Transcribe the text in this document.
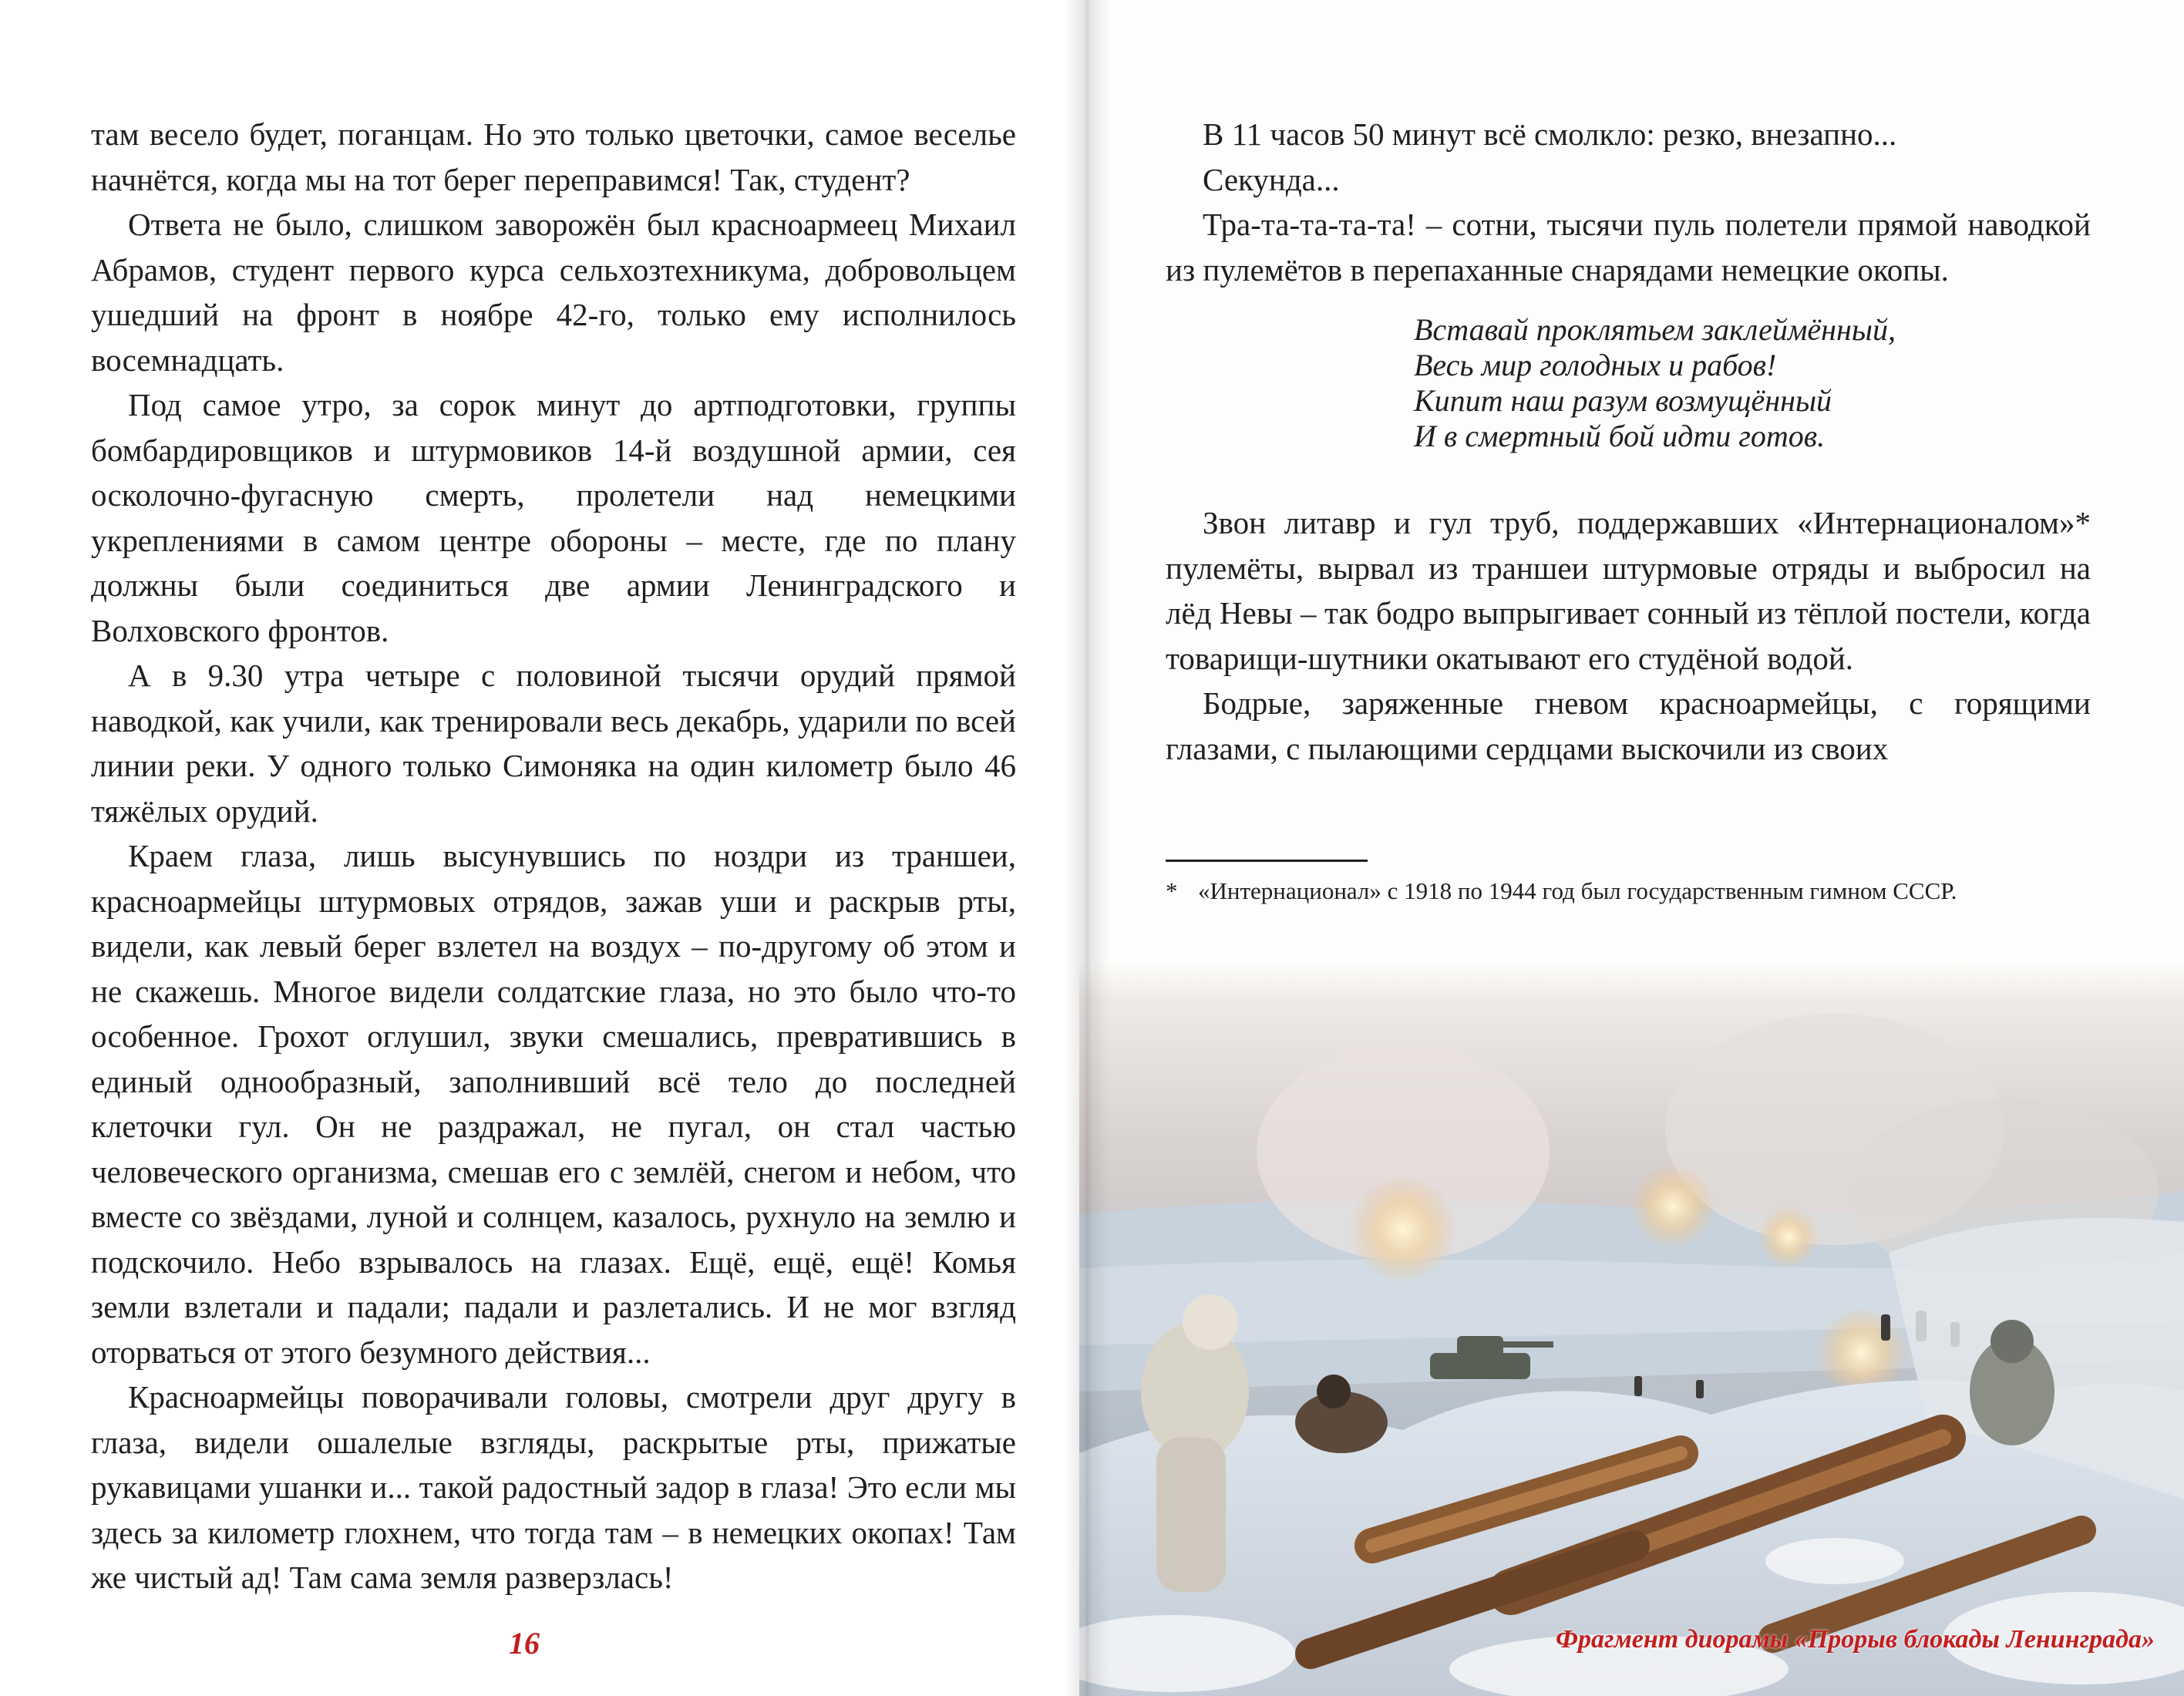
там весело будет, поганцам. Но это только цветочки, самое веселье начнётся, когда мы на тот берег переправимся! Так, студент?

Ответа не было, слишком заворожён был красноармеец Михаил Абрамов, студент первого курса сельхозтехникума, добровольцем ушедший на фронт в ноябре 42-го, только ему исполнилось восемнадцать.

Под самое утро, за сорок минут до артподготовки, группы бомбардировщиков и штурмовиков 14-й воздушной армии, сея осколочно-фугасную смерть, пролетели над немецкими укреплениями в самом центре обороны – месте, где по плану должны были соединиться две армии Ленинградского и Волховского фронтов.

А в 9.30 утра четыре с половиной тысячи орудий прямой наводкой, как учили, как тренировали весь декабрь, ударили по всей линии реки. У одного только Симоняка на один километр было 46 тяжёлых орудий.

Краем глаза, лишь высунувшись по ноздри из траншеи, красноармейцы штурмовых отрядов, зажав уши и раскрыв рты, видели, как левый берег взлетел на воздух – по-другому об этом и не скажешь. Многое видели солдатские глаза, но это было что-то особенное. Грохот оглушил, звуки смешались, превратившись в единый однообразный, заполнивший всё тело до последней клеточки гул. Он не раздражал, не пугал, он стал частью человеческого организма, смешав его с землёй, снегом и небом, что вместе со звёздами, луной и солнцем, казалось, рухнуло на землю и подскочило. Небо взрывалось на глазах. Ещё, ещё, ещё! Комья земли взлетали и падали; падали и разлетались. И не мог взгляд оторваться от этого безумного действия...

Красноармейцы поворачивали головы, смотрели друг другу в глаза, видели ошалелые взгляды, раскрытые рты, прижатые рукавицами ушанки и... такой радостный задор в глаза! Это если мы здесь за километр глохнем, что тогда там – в немецких окопах! Там же чистый ад! Там сама земля разверзлась!

16

В 11 часов 50 минут всё смолкло: резко, внезапно...

Секунда...

Тра-та-та-та-та! – сотни, тысячи пуль полетели прямой наводкой из пулемётов в перепаханные снарядами немецкие окопы.

Вставай проклятьем заклеймённый,
Весь мир голодных и рабов!
Кипит наш разум возмущённый
И в смертный бой идти готов.

Звон литавр и гул труб, поддержавших «Интернационалом»* пулемёты, вырвал из траншеи штурмовые отряды и выбросил на лёд Невы – так бодро выпрыгивает сонный из тёплой постели, когда товарищи-шутники окатывают его студёной водой.

Бодрые, заряженные гневом красноармейцы, с горящими глазами, с пылающими сердцами выскочили из своих

* «Интернационал» с 1918 по 1944 год был государственным гимном СССР.
Фрагмент диорамы «Прорыв блокады Ленинграда»
